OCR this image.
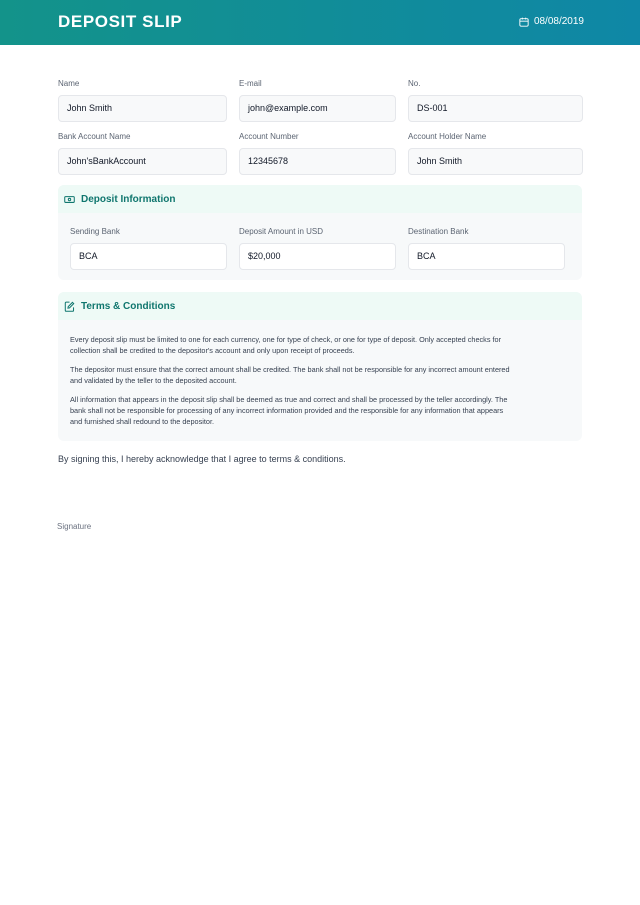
DEPOSIT SLIP	08/08/2019
Name
John Smith
E-mail
john@example.com
No.
DS-001
Bank Account Name
John'sBankAccount
Account Number
12345678
Account Holder Name
John Smith
Deposit Information
Sending Bank
BCA
Deposit Amount in USD
$20,000
Destination Bank
BCA
Terms & Conditions

Every deposit slip must be limited to one for each currency, one for type of check, or one for type of deposit. Only accepted checks for collection shall be credited to the depositor's account and only upon receipt of proceeds.

The depositor must ensure that the correct amount shall be credited. The bank shall not be responsible for any incorrect amount entered and validated by the teller to the deposited account.

All information that appears in the deposit slip shall be deemed as true and correct and shall be processed by the teller accordingly. The bank shall not be responsible for processing of any incorrect information provided and the responsible for any information that appears and furnished shall redound to the depositor.

By signing this, I hereby acknowledge that I agree to terms & conditions.
Signature
